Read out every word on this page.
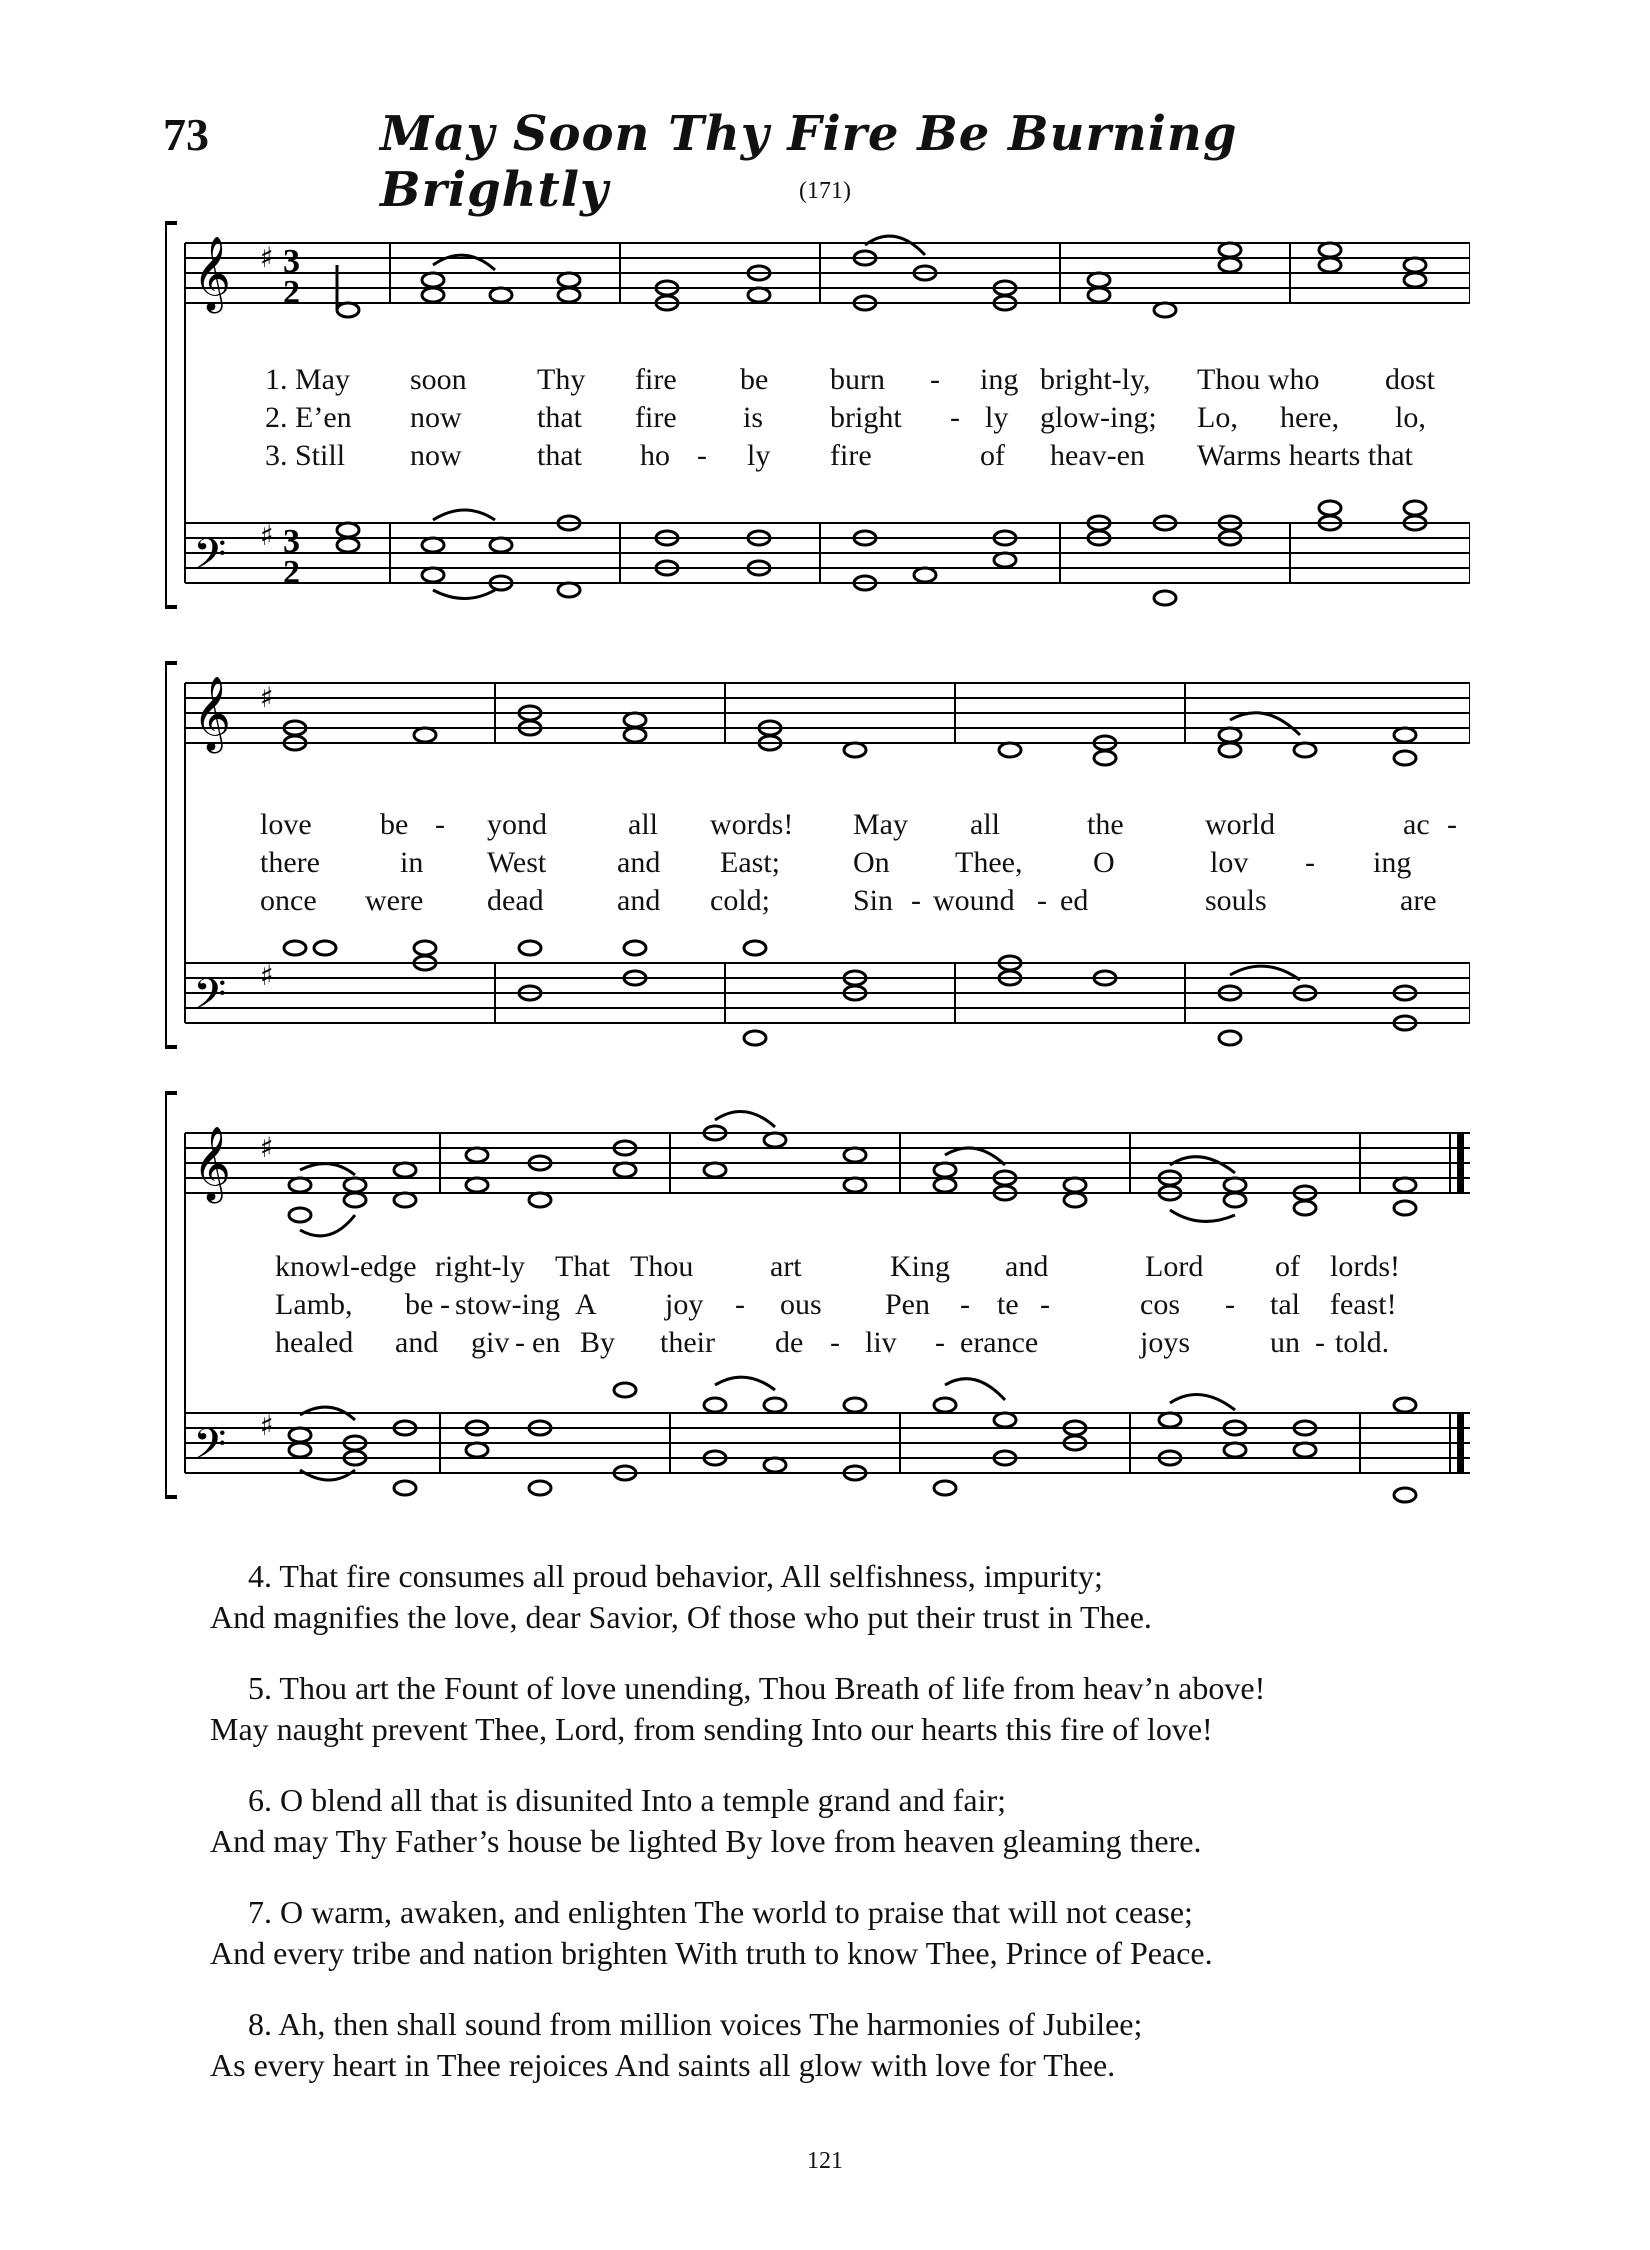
73	May Soon Thy Fire Be Burning Brightly	(171)
𝄞
𝄢
♯
♯
3
2
3
2
1. May soon Thy fire be burn - ing bright-ly, Thou who dost
2. E’en now	that fire is bright - ly glow-ing; Lo, here, lo,
3. Still now	that ho - ly fire	of heav-en Warms hearts that
𝄞
𝄢
♯
♯
love be - yond	all words! May all	the	world	ac -
there	in West and East; On Thee, O	lov - ing
once were dead and cold;	Sin - wound - ed	souls	are
𝄞
𝄢
♯
♯
knowl-edge right-ly That Thou	art	King and	Lord of lords!
Lamb, be - stow-ing A joy - ous Pen - te -	cos - tal feast!
healed and giv - en By their de - liv - erance	joys	un - told.
4. That fire consumes all proud behavior, All selfishness, impurity;
And magnifies the love, dear Savior, Of those who put their trust in Thee.
5. Thou art the Fount of love unending, Thou Breath of life from heav’n above!
May naught prevent Thee, Lord, from sending Into our hearts this fire of love!
6. O blend all that is disunited Into a temple grand and fair;
And may Thy Father’s house be lighted By love from heaven gleaming there.
7. O warm, awaken, and enlighten The world to praise that will not cease;
And every tribe and nation brighten With truth to know Thee, Prince of Peace.
8. Ah, then shall sound from million voices The harmonies of Jubilee;
As every heart in Thee rejoices And saints all glow with love for Thee.
121
